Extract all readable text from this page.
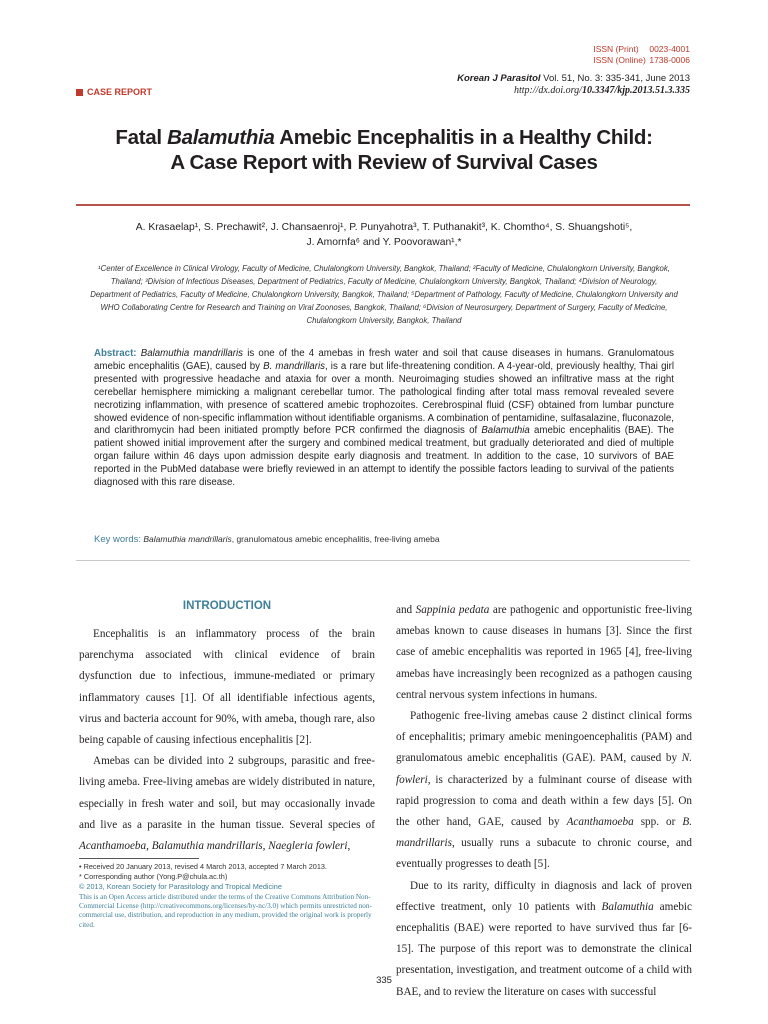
ISSN (Print)	0023-4001
ISSN (Online) 1738-0006
Korean J Parasitol Vol. 51, No. 3: 335-341, June 2013
http://dx.doi.org/10.3347/kjp.2013.51.3.335
CASE REPORT
Fatal Balamuthia Amebic Encephalitis in a Healthy Child:
A Case Report with Review of Survival Cases
A. Krasaelap¹, S. Prechawit², J. Chansaenroj¹, P. Punyahotra³, T. Puthanakit³, K. Chomtho⁴, S. Shuangshoti⁵,
J. Amornfa⁶ and Y. Poovorawan¹,*
¹Center of Excellence in Clinical Virology, Faculty of Medicine, Chulalongkorn University, Bangkok, Thailand; ²Faculty of Medicine, Chulalongkorn University, Bangkok, Thailand; ³Division of Infectious Diseases, Department of Pediatrics, Faculty of Medicine, Chulalongkorn University, Bangkok, Thailand; ⁴Division of Neurology, Department of Pediatrics, Faculty of Medicine, Chulalongkorn University, Bangkok, Thailand; ⁵Department of Pathology, Faculty of Medicine, Chulalongkorn University and WHO Collaborating Centre for Research and Training on Viral Zoonoses, Bangkok, Thailand; ⁶Division of Neurosurgery, Department of Surgery, Faculty of Medicine, Chulalongkorn University, Bangkok, Thailand
Abstract: Balamuthia mandrillaris is one of the 4 amebas in fresh water and soil that cause diseases in humans. Granulomatous amebic encephalitis (GAE), caused by B. mandrillaris, is a rare but life-threatening condition. A 4-year-old, previously healthy, Thai girl presented with progressive headache and ataxia for over a month. Neuroimaging studies showed an infiltrative mass at the right cerebellar hemisphere mimicking a malignant cerebellar tumor. The pathological finding after total mass removal revealed severe necrotizing inflammation, with presence of scattered amebic trophozoites. Cerebrospinal fluid (CSF) obtained from lumbar puncture showed evidence of non-specific inflammation without identifiable organisms. A combination of pentamidine, sulfasalazine, fluconazole, and clarithromycin had been initiated promptly before PCR confirmed the diagnosis of Balamuthia amebic encephalitis (BAE). The patient showed initial improvement after the surgery and combined medical treatment, but gradually deteriorated and died of multiple organ failure within 46 days upon admission despite early diagnosis and treatment. In addition to the case, 10 survivors of BAE reported in the PubMed database were briefly reviewed in an attempt to identify the possible factors leading to survival of the patients diagnosed with this rare disease.
Key words: Balamuthia mandrillaris, granulomatous amebic encephalitis, free-living ameba
INTRODUCTION

Encephalitis is an inflammatory process of the brain parenchyma associated with clinical evidence of brain dysfunction due to infectious, immune-mediated or primary inflammatory causes [1]. Of all identifiable infectious agents, virus and bacteria account for 90%, with ameba, though rare, also being capable of causing infectious encephalitis [2].

Amebas can be divided into 2 subgroups, parasitic and free-living ameba. Free-living amebas are widely distributed in nature, especially in fresh water and soil, but may occasionally invade and live as a parasite in the human tissue. Several species of Acanthamoeba, Balamuthia mandrillaris, Naegleria fowleri,

and Sappinia pedata are pathogenic and opportunistic free-living amebas known to cause diseases in humans [3]. Since the first case of amebic encephalitis was reported in 1965 [4], free-living amebas have increasingly been recognized as a pathogen causing central nervous system infections in humans.

Pathogenic free-living amebas cause 2 distinct clinical forms of encephalitis; primary amebic meningoencephalitis (PAM) and granulomatous amebic encephalitis (GAE). PAM, caused by N. fowleri, is characterized by a fulminant course of disease with rapid progression to coma and death within a few days [5]. On the other hand, GAE, caused by Acanthamoeba spp. or B. mandrillaris, usually runs a subacute to chronic course, and eventually progresses to death [5].

Due to its rarity, difficulty in diagnosis and lack of proven effective treatment, only 10 patients with Balamuthia amebic encephalitis (BAE) were reported to have survived thus far [6-15]. The purpose of this report was to demonstrate the clinical presentation, investigation, and treatment outcome of a child with BAE, and to review the literature on cases with successful

• Received 20 January 2013, revised 4 March 2013, accepted 7 March 2013.
* Corresponding author (Yong.P@chula.ac.th)
© 2013, Korean Society for Parasitology and Tropical Medicine
This is an Open Access article distributed under the terms of the Creative Commons Attribution Non-Commercial License (http://creativecommons.org/licenses/by-nc/3.0) which permits unrestricted non-commercial use, distribution, and reproduction in any medium, provided the original work is properly cited.
335
